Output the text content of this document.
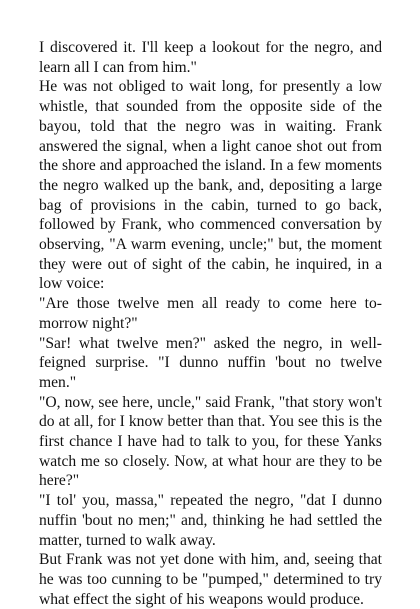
I discovered it. I'll keep a lookout for the negro, and learn all I can from him."

He was not obliged to wait long, for presently a low whistle, that sounded from the opposite side of the bayou, told that the negro was in waiting. Frank answered the signal, when a light canoe shot out from the shore and approached the island. In a few moments the negro walked up the bank, and, depositing a large bag of provisions in the cabin, turned to go back, followed by Frank, who commenced conversation by observing, "A warm evening, uncle;" but, the moment they were out of sight of the cabin, he inquired, in a low voice:

"Are those twelve men all ready to come here to-morrow night?"

"Sar! what twelve men?" asked the negro, in well-feigned surprise. "I dunno nuffin 'bout no twelve men."

"O, now, see here, uncle," said Frank, "that story won't do at all, for I know better than that. You see this is the first chance I have had to talk to you, for these Yanks watch me so closely. Now, at what hour are they to be here?"

"I tol' you, massa," repeated the negro, "dat I dunno nuffin 'bout no men;" and, thinking he had settled the matter, turned to walk away.

But Frank was not yet done with him, and, seeing that he was too cunning to be "pumped," determined to try what effect the sight of his weapons would produce.
